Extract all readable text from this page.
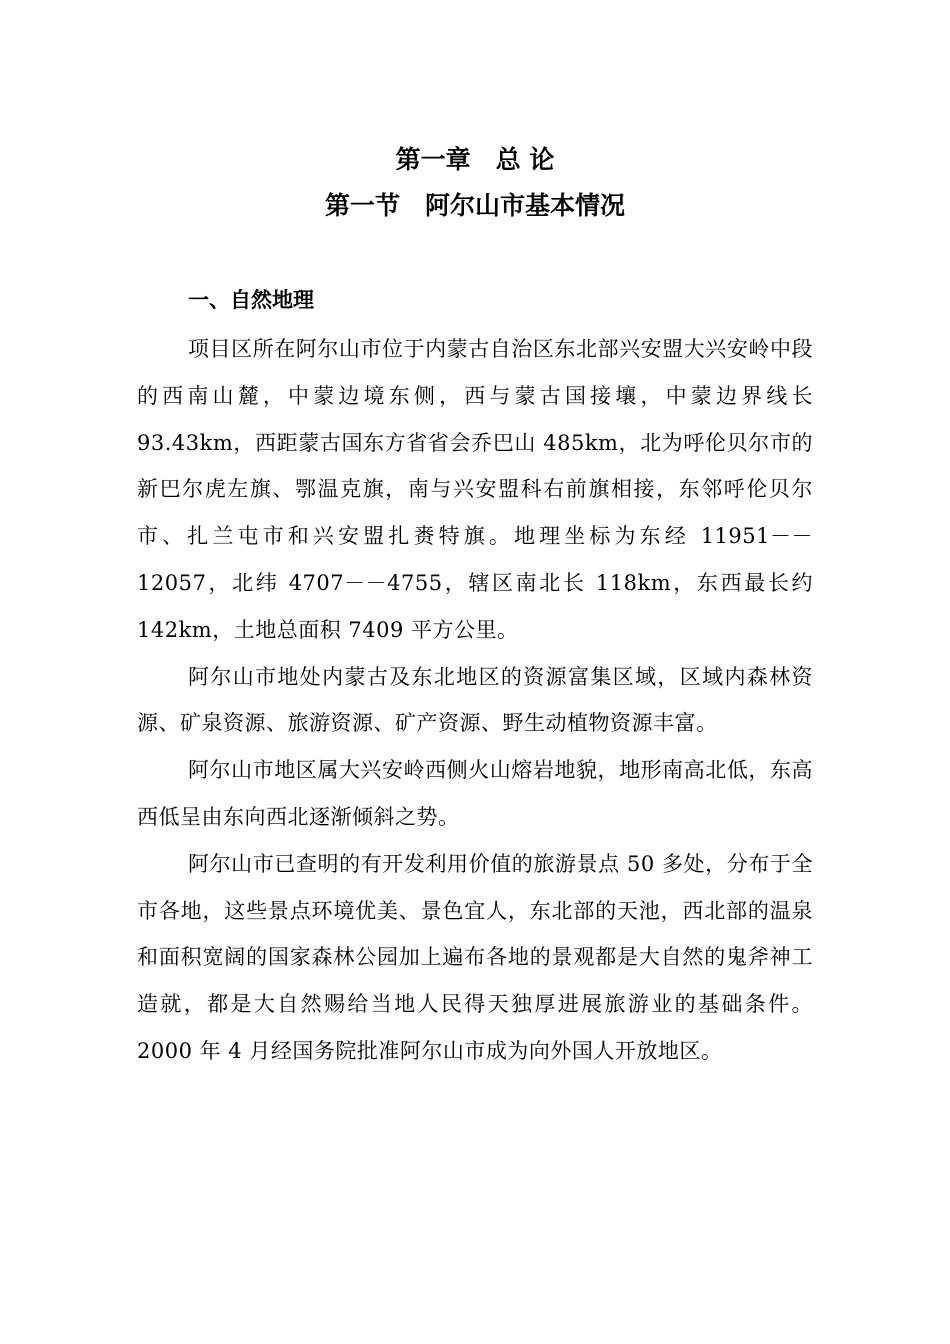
第一章　总 论
第一节　阿尔山市基本情况
一、自然地理

项目区所在阿尔山市位于内蒙古自治区东北部兴安盟大兴安岭中段的西南山麓，中蒙边境东侧，西与蒙古国接壤，中蒙边界线长 93.43km，西距蒙古国东方省省会乔巴山 485km，北为呼伦贝尔市的新巴尔虎左旗、鄂温克旗，南与兴安盟科右前旗相接，东邻呼伦贝尔市、扎兰屯市和兴安盟扎赉特旗。地理坐标为东经 11951－－12057，北纬 4707－－4755，辖区南北长 118km，东西最长约 142km，土地总面积 7409 平方公里。

阿尔山市地处内蒙古及东北地区的资源富集区域，区域内森林资源、矿泉资源、旅游资源、矿产资源、野生动植物资源丰富。

阿尔山市地区属大兴安岭西侧火山熔岩地貌，地形南高北低，东高西低呈由东向西北逐渐倾斜之势。

阿尔山市已查明的有开发利用价值的旅游景点 50 多处，分布于全市各地，这些景点环境优美、景色宜人，东北部的天池，西北部的温泉和面积宽阔的国家森林公园加上遍布各地的景观都是大自然的鬼斧神工造就，都是大自然赐给当地人民得天独厚进展旅游业的基础条件。2000 年 4 月经国务院批准阿尔山市成为向外国人开放地区。
